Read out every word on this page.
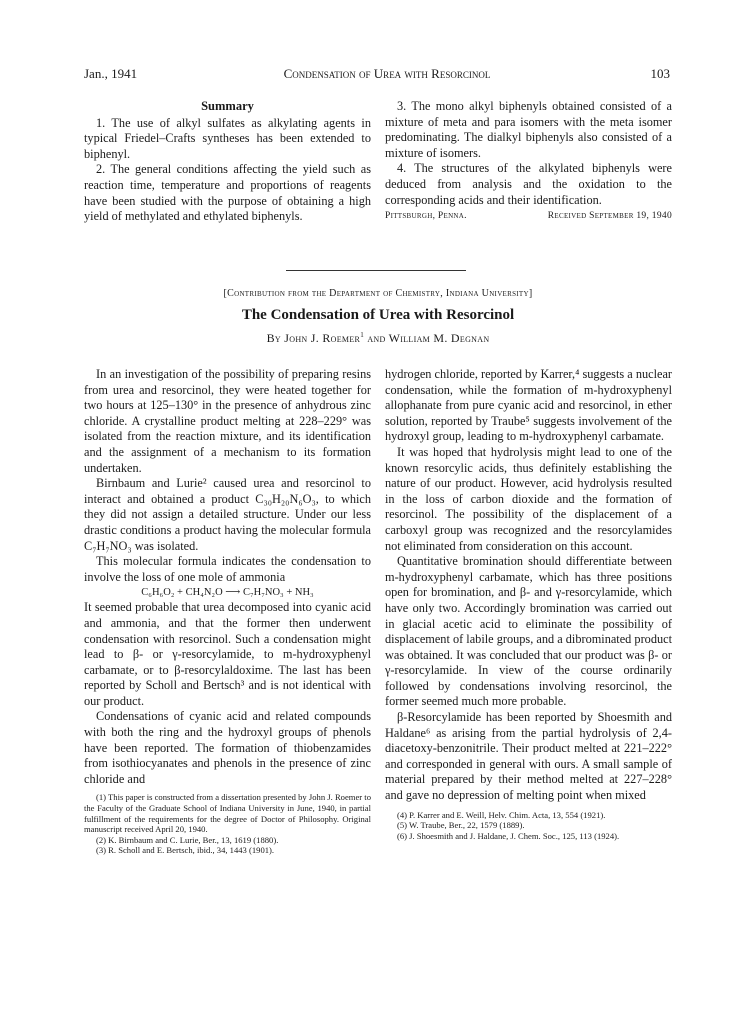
Jan., 1941	Condensation of Urea with Resorcinol	103
Summary

1. The use of alkyl sulfates as alkylating agents in typical Friedel–Crafts syntheses has been extended to biphenyl.

2. The general conditions affecting the yield such as reaction time, temperature and proportions of reagents have been studied with the purpose of obtaining a high yield of methylated and ethylated biphenyls.

3. The mono alkyl biphenyls obtained consisted of a mixture of meta and para isomers with the meta isomer predominating. The dialkyl biphenyls also consisted of a mixture of isomers.

4. The structures of the alkylated biphenyls were deduced from analysis and the oxidation to the corresponding acids and their identification.

Pittsburgh, Penna.	Received September 19, 1940
[Contribution from the Department of Chemistry, Indiana University]
The Condensation of Urea with Resorcinol
By John J. Roemer$^1$ and William M. Degnan

In an investigation of the possibility of preparing resins from urea and resorcinol, they were heated together for two hours at 125–130° in the presence of anhydrous zinc chloride. A crystalline product melting at 228–229° was isolated from the reaction mixture, and its identification and the assignment of a mechanism to its formation undertaken.

Birnbaum and Lurie² caused urea and resorcinol to interact and obtained a product C₃₀H₂₀N₆O₃, to which they did not assign a detailed structure. Under our less drastic conditions a product having the molecular formula C₇H₇NO₃ was isolated.

This molecular formula indicates the condensation to involve the loss of one mole of ammonia

C₆H₆O₂ + CH₄N₂O ⟶ C₇H₇NO₃ + NH₃

It seemed probable that urea decomposed into cyanic acid and ammonia, and that the former then underwent condensation with resorcinol. Such a condensation might lead to β- or γ-resorcylamide, to m-hydroxyphenyl carbamate, or to β-resorcylaldoxime. The last has been reported by Scholl and Bertsch³ and is not identical with our product.

Condensations of cyanic acid and related compounds with both the ring and the hydroxyl groups of phenols have been reported. The formation of thiobenzamides from isothiocyanates and phenols in the presence of zinc chloride and

(1) This paper is constructed from a dissertation presented by John J. Roemer to the Faculty of the Graduate School of Indiana University in June, 1940, in partial fulfillment of the requirements for the degree of Doctor of Philosophy. Original manuscript received April 20, 1940.

(2) K. Birnbaum and C. Lurie, Ber., 13, 1619 (1880).

(3) R. Scholl and E. Bertsch, ibid., 34, 1443 (1901).

hydrogen chloride, reported by Karrer,⁴ suggests a nuclear condensation, while the formation of m-hydroxyphenyl allophanate from pure cyanic acid and resorcinol, in ether solution, reported by Traube⁵ suggests involvement of the hydroxyl group, leading to m-hydroxyphenyl carbamate.

It was hoped that hydrolysis might lead to one of the known resorcylic acids, thus definitely establishing the nature of our product. However, acid hydrolysis resulted in the loss of carbon dioxide and the formation of resorcinol. The possibility of the displacement of a carboxyl group was recognized and the resorcylamides not eliminated from consideration on this account.

Quantitative bromination should differentiate between m-hydroxyphenyl carbamate, which has three positions open for bromination, and β- and γ-resorcylamide, which have only two. Accordingly bromination was carried out in glacial acetic acid to eliminate the possibility of displacement of labile groups, and a dibrominated product was obtained. It was concluded that our product was β- or γ-resorcylamide. In view of the course ordinarily followed by condensations involving resorcinol, the former seemed much more probable.

β-Resorcylamide has been reported by Shoesmith and Haldane⁶ as arising from the partial hydrolysis of 2,4-diacetoxy-benzonitrile. Their product melted at 221–222° and corresponded in general with ours. A small sample of material prepared by their method melted at 227–228° and gave no depression of melting point when mixed

(4) P. Karrer and E. Weill, Helv. Chim. Acta, 13, 554 (1921).

(5) W. Traube, Ber., 22, 1579 (1889).

(6) J. Shoesmith and J. Haldane, J. Chem. Soc., 125, 113 (1924).
